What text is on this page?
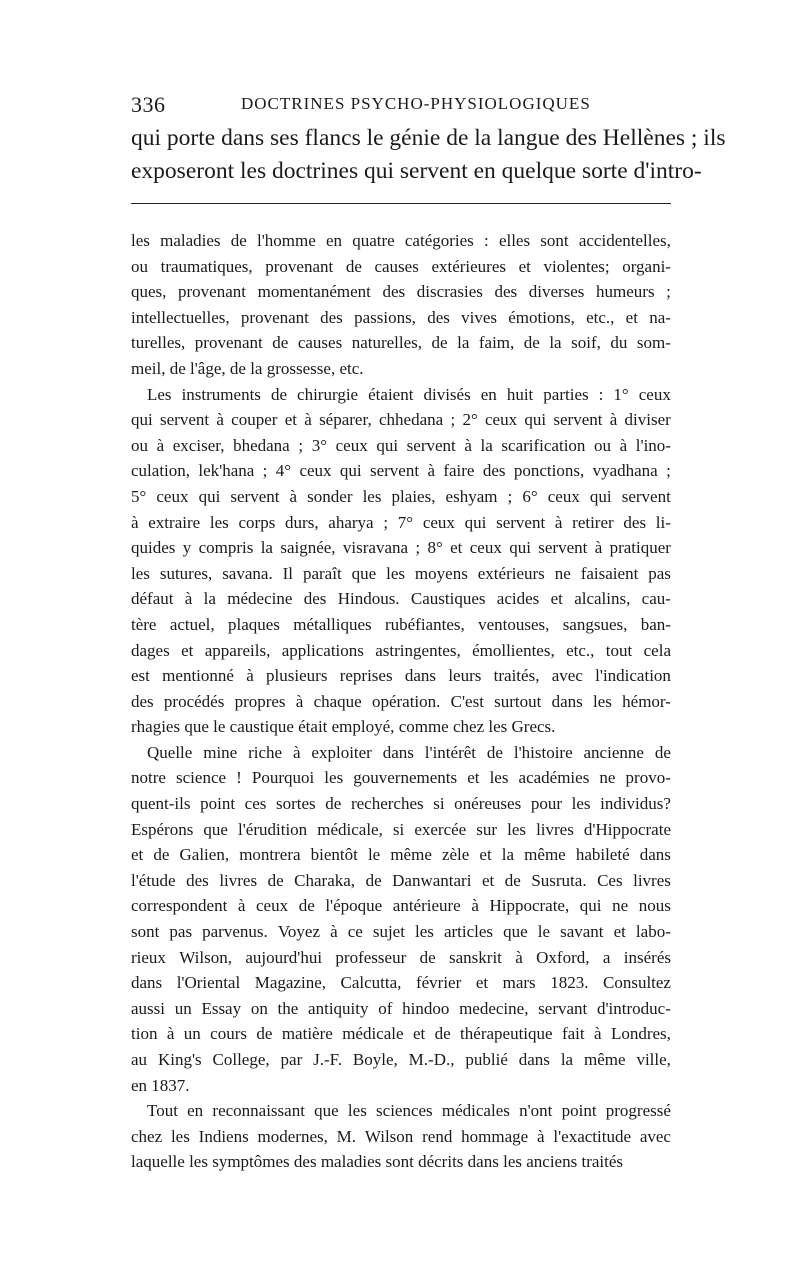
336	DOCTRINES PSYCHO-PHYSIOLOGIQUES
qui porte dans ses flancs le génie de la langue des Hellènes ; ils
exposeront les doctrines qui servent en quelque sorte d'intro-
les maladies de l'homme en quatre catégories : elles sont accidentelles,
ou traumatiques, provenant de causes extérieures et violentes; organi-
ques, provenant momentanément des discrasies des diverses humeurs ;
intellectuelles, provenant des passions, des vives émotions, etc., et na-
turelles, provenant de causes naturelles, de la faim, de la soif, du som-
meil, de l'âge, de la grossesse, etc.
Les instruments de chirurgie étaient divisés en huit parties : 1° ceux
qui servent à couper et à séparer, chhedana ; 2° ceux qui servent à diviser
ou à exciser, bhedana ; 3° ceux qui servent à la scarification ou à l'ino-
culation, lek'hana ; 4° ceux qui servent à faire des ponctions, vyadhana ;
5° ceux qui servent à sonder les plaies, eshyam ; 6° ceux qui servent
à extraire les corps durs, aharya ; 7° ceux qui servent à retirer des li-
quides y compris la saignée, visravana ; 8° et ceux qui servent à pratiquer
les sutures, savana. Il paraît que les moyens extérieurs ne faisaient pas
défaut à la médecine des Hindous. Caustiques acides et alcalins, cau-
tère actuel, plaques métalliques rubéfiantes, ventouses, sangsues, ban-
dages et appareils, applications astringentes, émollientes, etc., tout cela
est mentionné à plusieurs reprises dans leurs traités, avec l'indication
des procédés propres à chaque opération. C'est surtout dans les hémor-
rhagies que le caustique était employé, comme chez les Grecs.
Quelle mine riche à exploiter dans l'intérêt de l'histoire ancienne de
notre science ! Pourquoi les gouvernements et les académies ne provo-
quent-ils point ces sortes de recherches si onéreuses pour les individus?
Espérons que l'érudition médicale, si exercée sur les livres d'Hippocrate
et de Galien, montrera bientôt le même zèle et la même habileté dans
l'étude des livres de Charaka, de Danwantari et de Susruta. Ces livres
correspondent à ceux de l'époque antérieure à Hippocrate, qui ne nous
sont pas parvenus. Voyez à ce sujet les articles que le savant et labo-
rieux Wilson, aujourd'hui professeur de sanskrit à Oxford, a insérés
dans l'Oriental Magazine, Calcutta, février et mars 1823. Consultez
aussi un Essay on the antiquity of hindoo medecine, servant d'introduc-
tion à un cours de matière médicale et de thérapeutique fait à Londres,
au King's College, par J.-F. Boyle, M.-D., publié dans la même ville,
en 1837.
Tout en reconnaissant que les sciences médicales n'ont point progressé
chez les Indiens modernes, M. Wilson rend hommage à l'exactitude avec
laquelle les symptômes des maladies sont décrits dans les anciens traités
